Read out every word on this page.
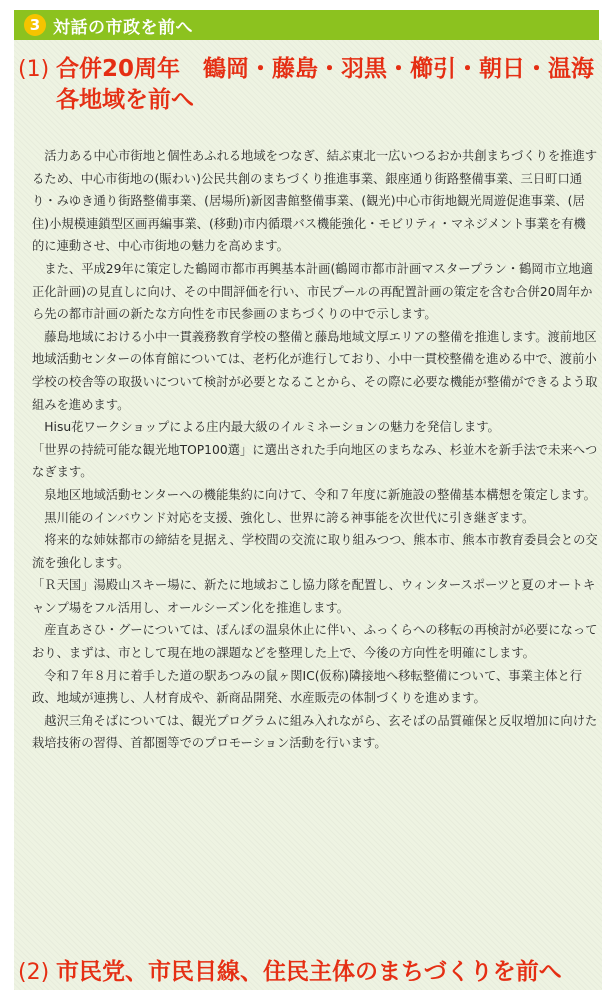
3 対話の市政を前へ
(1) 合併20周年　鶴岡・藤島・羽黒・櫛引・朝日・温海
各地域を前へ

活力ある中心市街地と個性あふれる地域をつなぎ、結ぶ東北一広いつるおか共創まちづくりを推進するため、中心市街地の(賑わい)公民共創のまちづくり推進事業、銀座通り街路整備事業、三日町口通り・みゆき通り街路整備事業、(居場所)新図書館整備事業、(観光)中心市街地観光周遊促進事業、(居住)小規模連鎖型区画再編事業、(移動)市内循環バス機能強化・モビリティ・マネジメント事業を有機的に連動させ、中心市街地の魅力を高めます。

また、平成29年に策定した鶴岡市都市再興基本計画(鶴岡市都市計画マスタープラン・鶴岡市立地適正化計画)の見直しに向け、その中間評価を行い、市民プールの再配置計画の策定を含む合併20周年から先の都市計画の新たな方向性を市民参画のまちづくりの中で示します。

藤島地域における小中一貫義務教育学校の整備と藤島地域文厚エリアの整備を推進します。渡前地区地域活動センターの体育館については、老朽化が進行しており、小中一貫校整備を進める中で、渡前小学校の校舎等の取扱いについて検討が必要となることから、その際に必要な機能が整備ができるよう取組みを進めます。

Hisu花ワークショップによる庄内最大級のイルミネーションの魅力を発信します。

「世界の持続可能な観光地TOP100選」に選出された手向地区のまちなみ、杉並木を新手法で未来へつなぎます。

泉地区地域活動センターへの機能集約に向けて、令和７年度に新施設の整備基本構想を策定します。

黒川能のインバウンド対応を支援、強化し、世界に誇る神事能を次世代に引き継ぎます。

将来的な姉妹都市の締結を見据え、学校間の交流に取り組みつつ、熊本市、熊本市教育委員会との交流を強化します。

「Ｒ天国」湯殿山スキー場に、新たに地域おこし協力隊を配置し、ウィンタースポーツと夏のオートキャンプ場をフル活用し、オールシーズン化を推進します。

産直あさひ・グーについては、ぽんぽの温泉休止に伴い、ふっくらへの移転の再検討が必要になっており、まずは、市として現在地の課題などを整理した上で、今後の方向性を明確にします。

令和７年８月に着手した道の駅あつみの鼠ヶ関IC(仮称)隣接地へ移転整備について、事業主体と行政、地域が連携し、人材育成や、新商品開発、水産販売の体制づくりを進めます。

越沢三角そばについては、観光プログラムに組み入れながら、玄そばの品質確保と反収増加に向けた栽培技術の習得、首都圏等でのプロモーション活動を行います。

(2) 市民党、市民目線、住民主体のまちづくりを前へ
